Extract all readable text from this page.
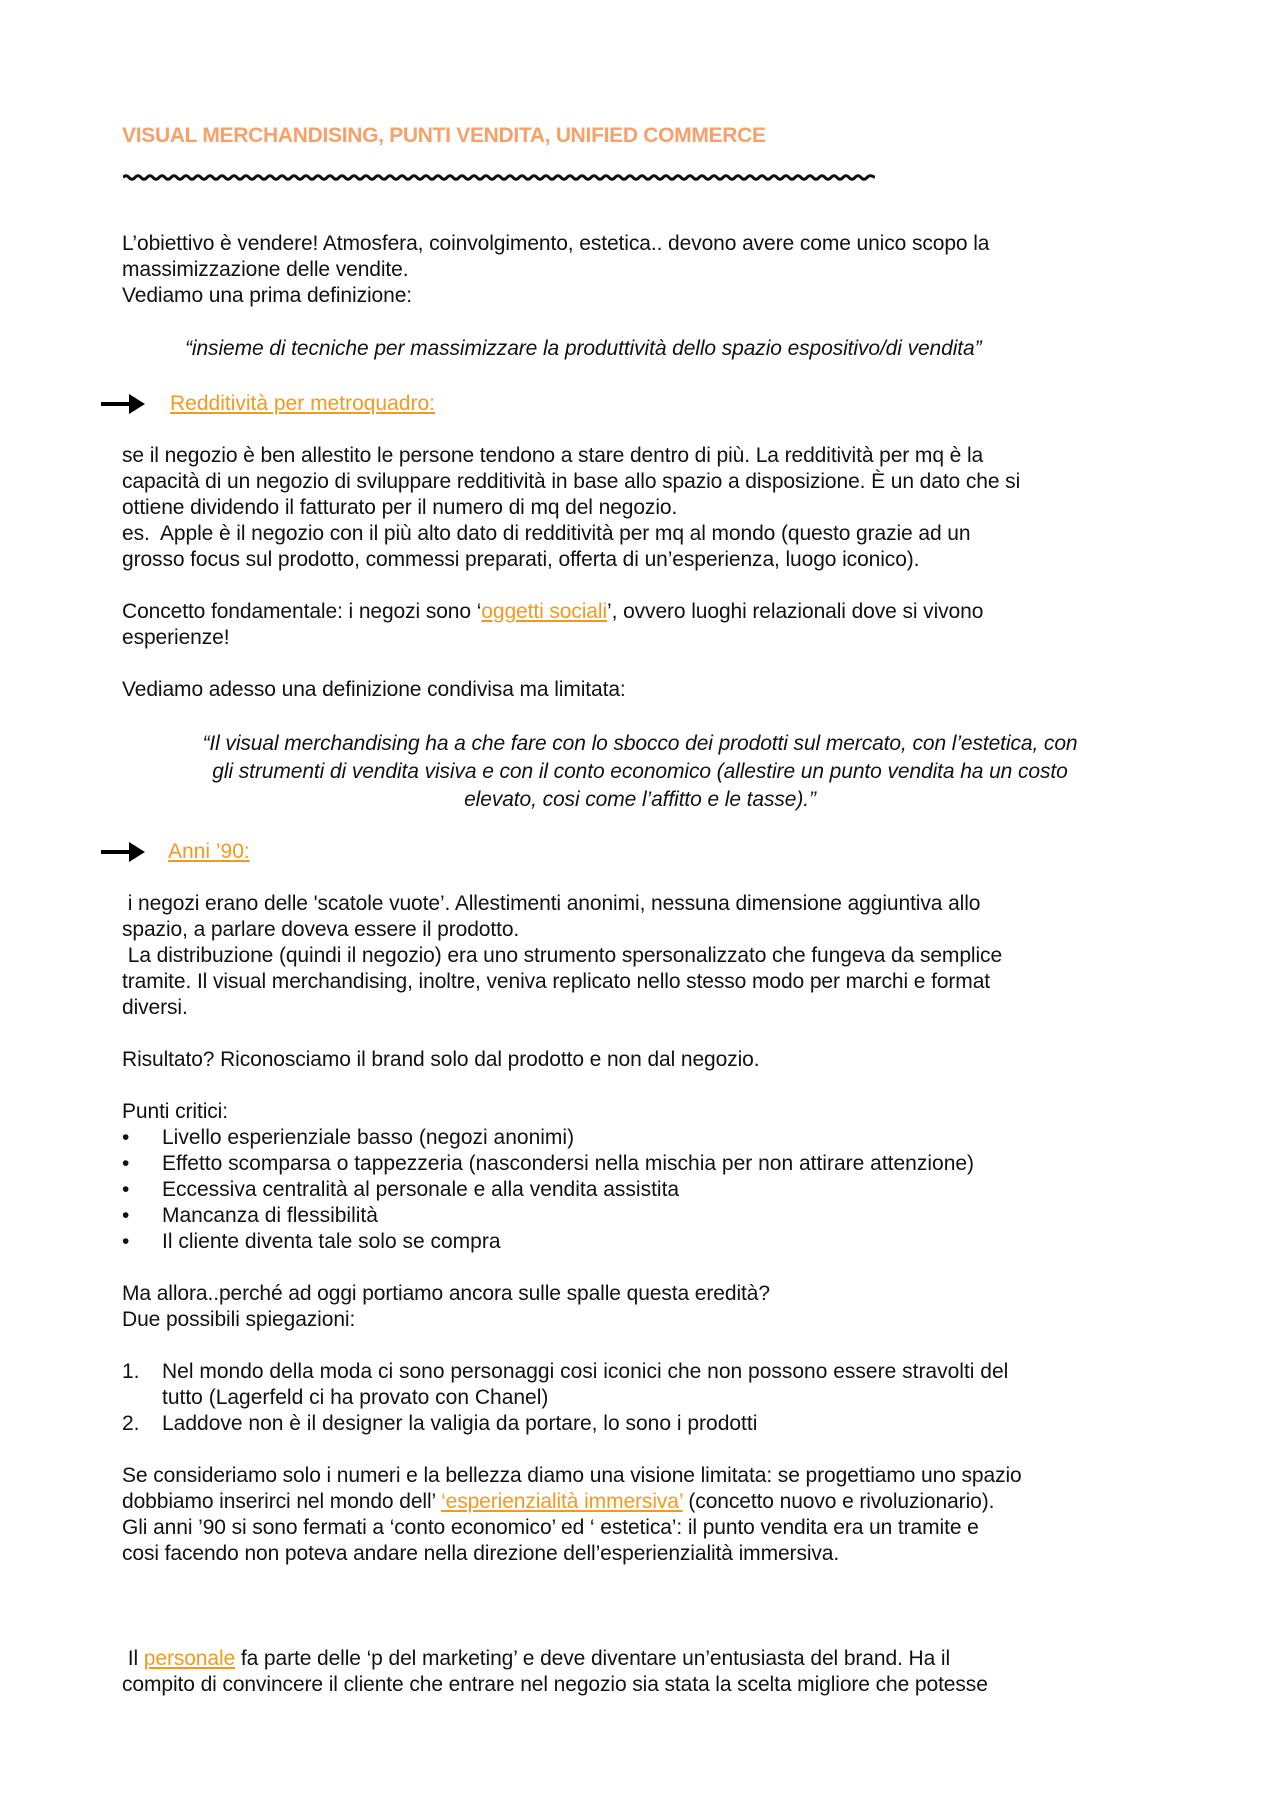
VISUAL MERCHANDISING, PUNTI VENDITA, UNIFIED COMMERCE
L’obiettivo è vendere! Atmosfera, coinvolgimento, estetica.. devono avere come unico scopo la
massimizzazione delle vendite.
Vediamo una prima definizione:
“insieme di tecniche per massimizzare la produttività dello spazio espositivo/di vendita”
Redditività per metroquadro:
se il negozio è ben allestito le persone tendono a stare dentro di più. La redditività per mq è la
capacità di un negozio di sviluppare redditività in base allo spazio a disposizione. È un dato che si
ottiene dividendo il fatturato per il numero di mq del negozio.
es.  Apple è il negozio con il più alto dato di redditività per mq al mondo (questo grazie ad un
grosso focus sul prodotto, commessi preparati, offerta di un’esperienza, luogo iconico).
Concetto fondamentale: i negozi sono ‘oggetti sociali’, ovvero luoghi relazionali dove si vivono
esperienze!
Vediamo adesso una definizione condivisa ma limitata:
“Il visual merchandising ha a che fare con lo sbocco dei prodotti sul mercato, con l’estetica, con
gli strumenti di vendita visiva e con il conto economico (allestire un punto vendita ha un costo
elevato, cosi come l’affitto e le tasse).”
Anni ’90:
i negozi erano delle 'scatole vuote’. Allestimenti anonimi, nessuna dimensione aggiuntiva allo
spazio, a parlare doveva essere il prodotto.
La distribuzione (quindi il negozio) era uno strumento spersonalizzato che fungeva da semplice
tramite. Il visual merchandising, inoltre, veniva replicato nello stesso modo per marchi e format
diversi.
Risultato? Riconosciamo il brand solo dal prodotto e non dal negozio.
Punti critici:
• Livello esperienziale basso (negozi anonimi)
• Effetto scomparsa o tappezzeria (nascondersi nella mischia per non attirare attenzione)
• Eccessiva centralità al personale e alla vendita assistita
• Mancanza di flessibilità
• Il cliente diventa tale solo se compra
Ma allora..perché ad oggi portiamo ancora sulle spalle questa eredità?
Due possibili spiegazioni:
1. Nel mondo della moda ci sono personaggi cosi iconici che non possono essere stravolti del
tutto (Lagerfeld ci ha provato con Chanel)
2. Laddove non è il designer la valigia da portare, lo sono i prodotti
Se consideriamo solo i numeri e la bellezza diamo una visione limitata: se progettiamo uno spazio
dobbiamo inserirci nel mondo dell’ ‘esperienzialità immersiva’ (concetto nuovo e rivoluzionario).
Gli anni ’90 si sono fermati a ‘conto economico’ ed ‘ estetica’: il punto vendita era un tramite e
cosi facendo non poteva andare nella direzione dell’esperienzialità immersiva.
Il personale fa parte delle ‘p del marketing’ e deve diventare un’entusiasta del brand. Ha il
compito di convincere il cliente che entrare nel negozio sia stata la scelta migliore che potesse
